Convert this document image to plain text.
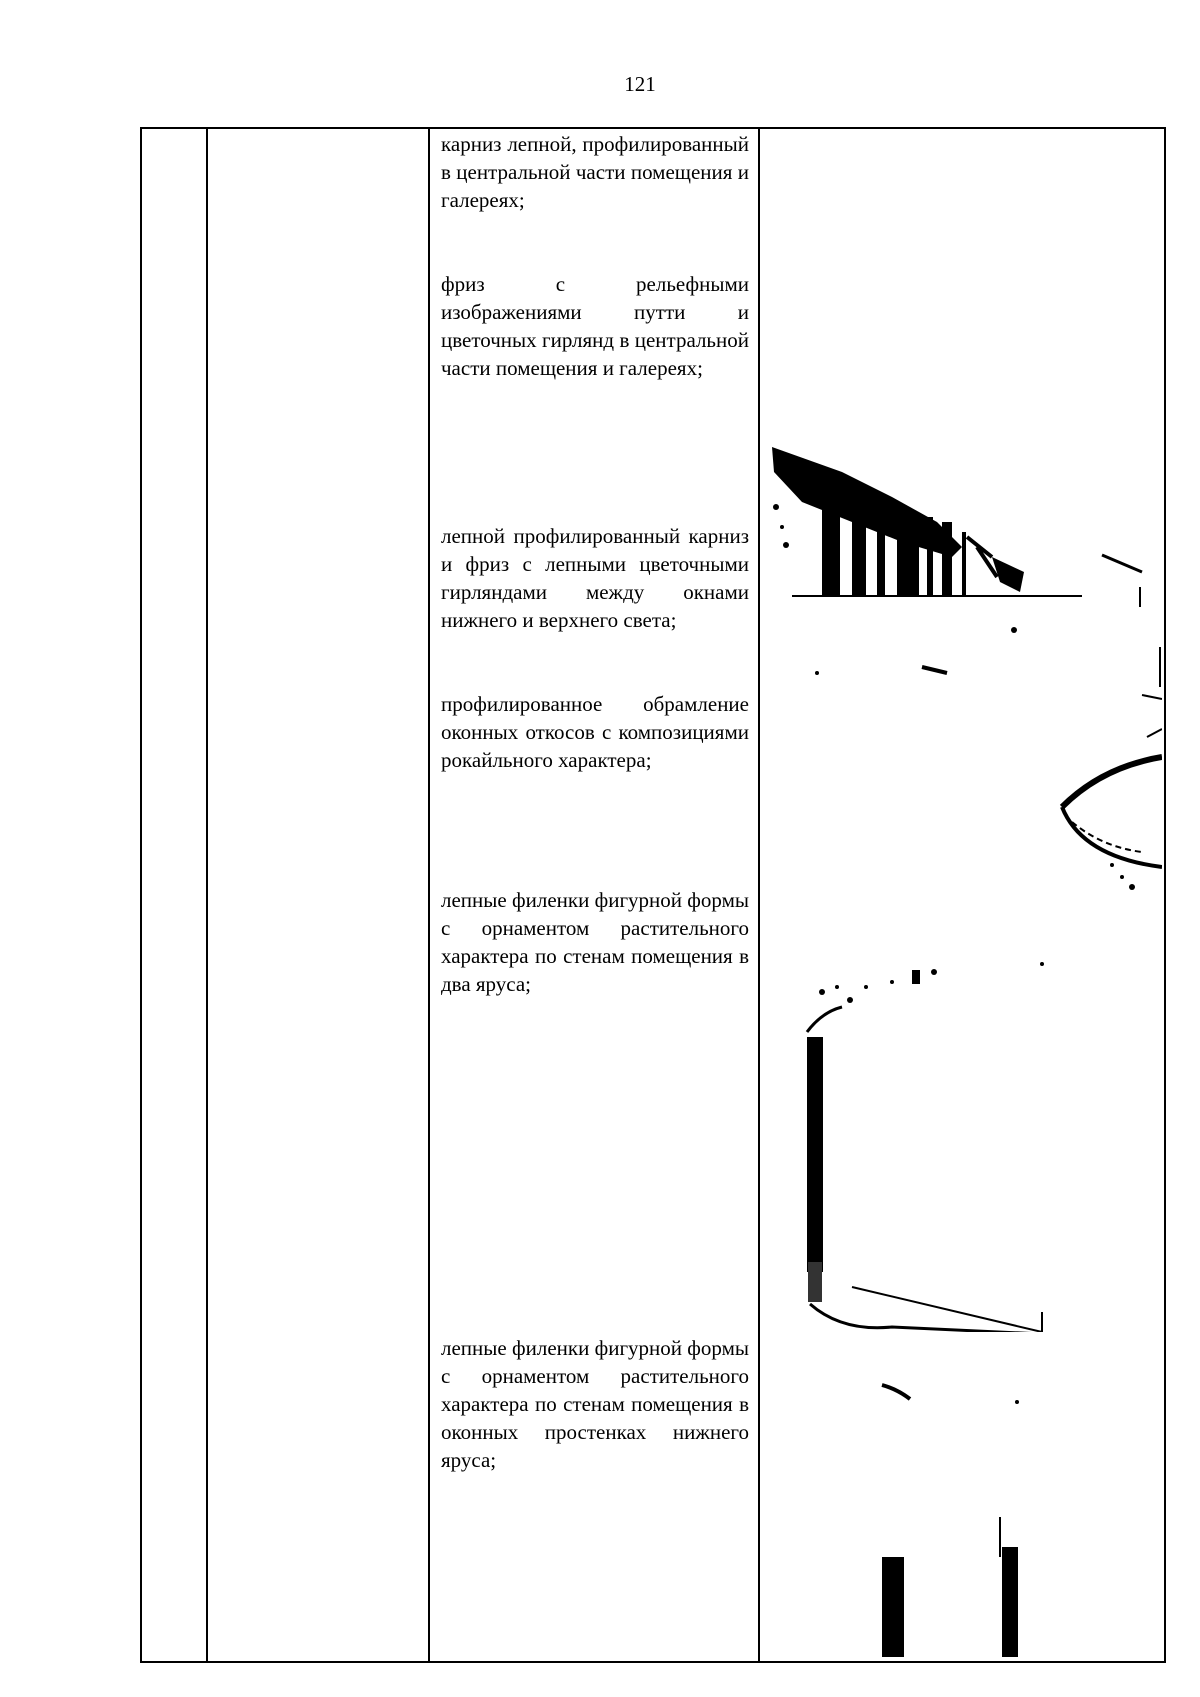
121
карниз лепной, профилированный в центральной части помещения и галереях;
фриз с рельефными изображениями путти и цветочных гирлянд в центральной части помещения и галереях;
лепной профилированный карниз и фриз с лепными цветочными гирляндами между окнами нижнего и верхнего света;
профилированное обрамление оконных откосов с композициями рокайльного характера;
лепные филенки фигурной формы с орнаментом растительного характера по стенам помещения в два яруса;
лепные филенки фигурной формы с орнаментом растительного характера по стенам помещения в оконных простенках нижнего яруса;
